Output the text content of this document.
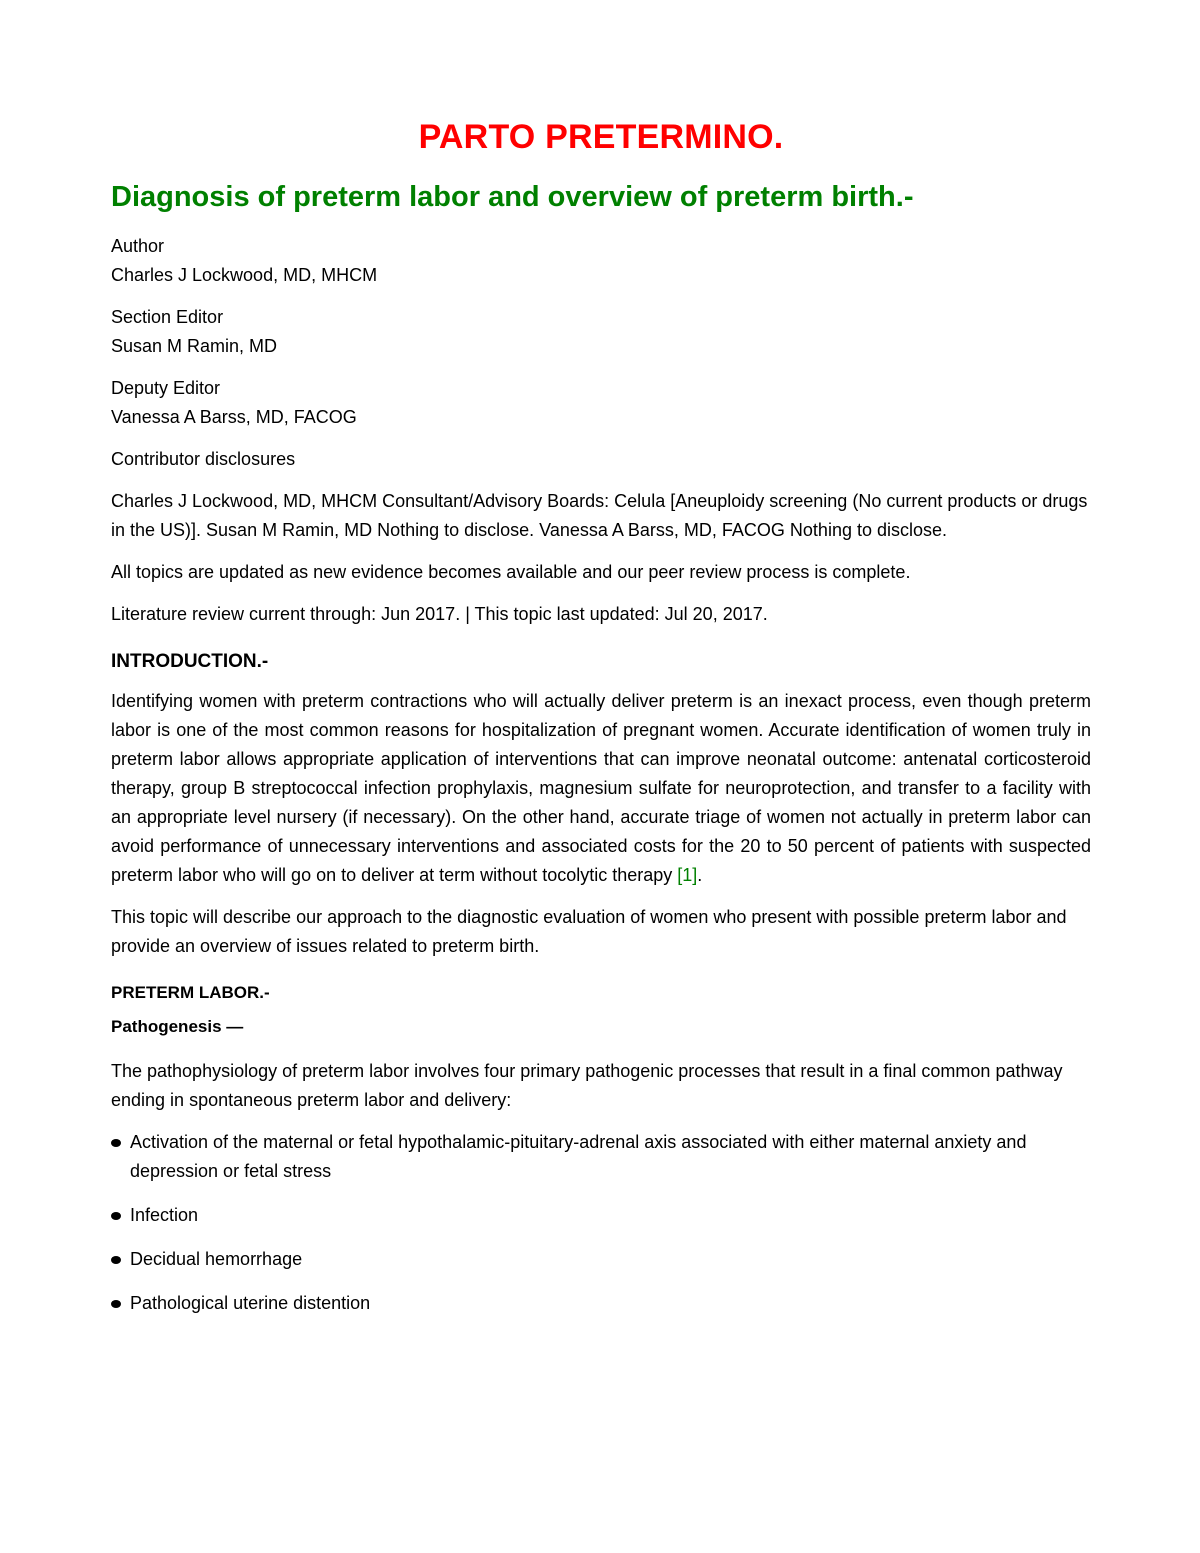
PARTO PRETERMINO.
Diagnosis of preterm labor and overview of preterm birth.-
Author
Charles J Lockwood, MD, MHCM
Section Editor
Susan M Ramin, MD
Deputy Editor
Vanessa A Barss, MD, FACOG

Contributor disclosures

Charles J Lockwood, MD, MHCM Consultant/Advisory Boards: Celula [Aneuploidy screening (No current products or drugs in the US)]. Susan M Ramin, MD Nothing to disclose. Vanessa A Barss, MD, FACOG Nothing to disclose.

All topics are updated as new evidence becomes available and our peer review process is complete.

Literature review current through: Jun 2017. | This topic last updated: Jul 20, 2017.

INTRODUCTION.-

Identifying women with preterm contractions who will actually deliver preterm is an inexact process, even though preterm labor is one of the most common reasons for hospitalization of pregnant women. Accurate identification of women truly in preterm labor allows appropriate application of interventions that can improve neonatal outcome: antenatal corticosteroid therapy, group B streptococcal infection prophylaxis, magnesium sulfate for neuroprotection, and transfer to a facility with an appropriate level nursery (if necessary). On the other hand, accurate triage of women not actually in preterm labor can avoid performance of unnecessary interventions and associated costs for the 20 to 50 percent of patients with suspected preterm labor who will go on to deliver at term without tocolytic therapy [1].

This topic will describe our approach to the diagnostic evaluation of women who present with possible preterm labor and provide an overview of issues related to preterm birth.

PRETERM LABOR.-
Pathogenesis —

The pathophysiology of preterm labor involves four primary pathogenic processes that result in a final common pathway ending in spontaneous preterm labor and delivery:

Activation of the maternal or fetal hypothalamic-pituitary-adrenal axis associated with either maternal anxiety and depression or fetal stress
Infection
Decidual hemorrhage
Pathological uterine distention
